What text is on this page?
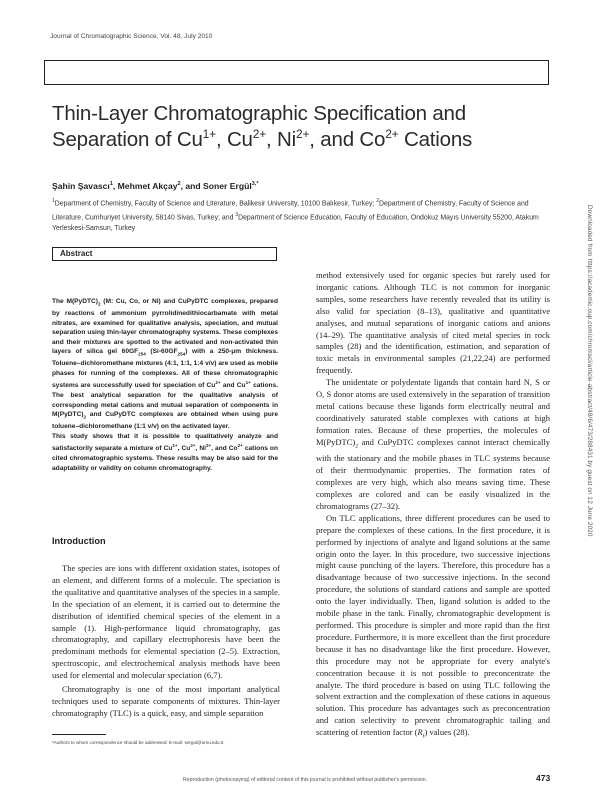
Journal of Chromatographic Science, Vol. 48, July 2010
Thin-Layer Chromatographic Specification and
Separation of $Cu^{1+}$, $Cu^{2+}$, $Ni^{2+}$, and $Co^{2+}$ Cations
Şahin Şavascı$^1$, Mehmet Akçay$^2$, and Soner Ergül$^{3,*}$
$^1$Department of Chemistry, Faculty of Science and Literature, Balikesir University, 10100 Balıkesir, Turkey; $^2$Department of Chemistry, Faculty of Science and Literature, Cumhuriyet University, 58140 Sivas, Turkey; and $^3$Department of Science Education, Faculty of Education, Ondokuz Mayıs University 55200, Atakum Yerleskesi-Samsun, Turkey	Downloaded from https://academic.oup.com/chromsci/article-abstract/48/6/473/288431 by guest on 12 June 2020
Abstract
The $M(PyDTC)_2$ (M: Cu, Co, or Ni) and CuPyDTC complexes, prepared by reactions of ammonium pyrrolidinedithiocarbamate with metal nitrates, are examined for qualitative analysis, speciation, and mutual separation using thin-layer chromatography systems. These complexes and their mixtures are spotted to the activated and non-activated thin layers of silica gel $60GF_{254}$ $(Si-60GF_{254})$ with a 250-μm thickness. Toluene–dichloromethane mixtures (4:1, 1:1, 1:4 v/v) are used as mobile phases for running of the complexes. All of these chromatographic systems are successfully used for speciation of $Cu^{2+}$ and $Cu^{1+}$ cations. The best analytical separation for the qualitative analysis of corresponding metal cations and mutual separation of components in $M(PyDTC)_2$ and CuPyDTC complexes are obtained when using pure toluene–dichloromethane (1:1 v/v) on the activated layer.
This study shows that it is possible to qualitatively analyze and satisfactorily separate a mixture of $Cu^{1+}$, $Cu^{2+}$, $Ni^{2+}$, and $Co^{2+}$ cations on cited chromatographic systems. These results may be also said for the adaptability or validity on column chromatography.
Introduction

The species are ions with different oxidation states, isotopes of an element, and different forms of a molecule. The speciation is the qualitative and quantitative analyses of the species in a sample. In the speciation of an element, it is carried out to determine the distribution of identified chemical species of the element in a sample (1). High-performance liquid chromatography, gas chromatography, and capillary electrophoresis have been the predominant methods for elemental speciation (2–5). Extraction, spectroscopic, and electrochemical analysis methods have been used for elemental and molecular speciation (6,7).

Chromatography is one of the most important analytical techniques used to separate components of mixtures. Thin-layer chromatography (TLC) is a quick, easy, and simple separation

*Authors to whom correspondence should be addressed: E-mail: sergul@omu.edu.tr.

method extensively used for organic species but rarely used for inorganic cations. Although TLC is not common for inorganic samples, some researchers have recently revealed that its utility is also valid for speciation (8–13), qualitative and quantitative analyses, and mutual separations of inorganic cations and anions (14–29). The quantitative analysis of cited metal species in rock samples (28) and the identification, estimation, and separation of toxic metals in environmental samples (21,22,24) are performed frequently.

The unidentate or polydentate ligands that contain hard N, S or O, S donor atoms are used extensively in the separation of transition metal cations because these ligands form electrically neutral and coordinatively saturated stable complexes with cations at high formation rates. Because of these properties, the molecules of $M(PyDTC)_2$ and CuPyDTC complexes cannot interact chemically with the stationary and the mobile phases in TLC systems because of their thermodynamic properties. The formation rates of complexes are very high, which also means saving time. These complexes are colored and can be easily visualized in the chromatograms (27–32).

On TLC applications, three different procedures can be used to prepare the complexes of these cations. In the first procedure, it is performed by injections of analyte and ligand solutions at the same origin onto the layer. In this procedure, two successive injections might cause punching of the layers. Therefore, this procedure has a disadvantage because of two successive injections. In the second procedure, the solutions of standard cations and sample are spotted onto the layer individually. Then, ligand solution is added to the mobile phase in the tank. Finally, chromatographic development is performed. This procedure is simpler and more rapid than the first procedure. Furthermore, it is more excellent than the first procedure because it has no disadvantage like the first procedure. However, this procedure may not be appropriate for every analyte's concentration because it is not possible to preconcentrate the analyte. The third procedure is based on using TLC following the solvent extraction and the complexation of these cations in aqueous solution. This procedure has advantages such as preconcentration and cation selectivity to prevent chromatographic tailing and scattering of retention factor $(R_f)$ values (28).

Reproduction (photocopying) of editorial content of this journal is prohibited without publisher's permission.	473
